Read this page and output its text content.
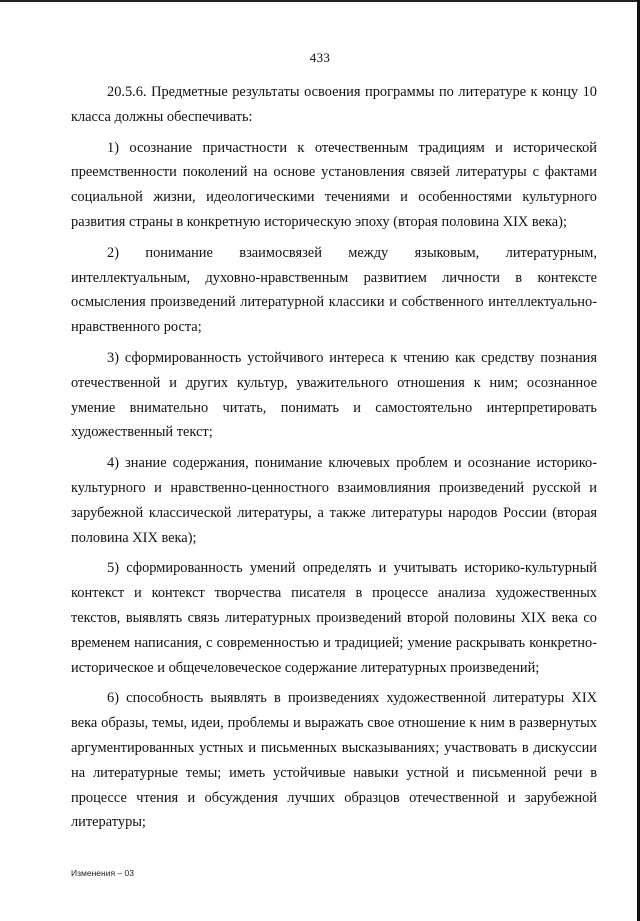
433

20.5.6. Предметные результаты освоения программы по литературе к концу 10 класса должны обеспечивать:

1) осознание причастности к отечественным традициям и исторической преемственности поколений на основе установления связей литературы с фактами социальной жизни, идеологическими течениями и особенностями культурного развития страны в конкретную историческую эпоху (вторая половина XIX века);

2) понимание взаимосвязей между языковым, литературным, интеллектуальным, духовно-нравственным развитием личности в контексте осмысления произведений литературной классики и собственного интеллектуально-нравственного роста;

3) сформированность устойчивого интереса к чтению как средству познания отечественной и других культур, уважительного отношения к ним; осознанное умение внимательно читать, понимать и самостоятельно интерпретировать художественный текст;

4) знание содержания, понимание ключевых проблем и осознание историко-культурного и нравственно-ценностного взаимовлияния произведений русской и зарубежной классической литературы, а также литературы народов России (вторая половина XIX века);

5) сформированность умений определять и учитывать историко-культурный контекст и контекст творчества писателя в процессе анализа художественных текстов, выявлять связь литературных произведений второй половины XIX века со временем написания, с современностью и традицией; умение раскрывать конкретно-историческое и общечеловеческое содержание литературных произведений;

6) способность выявлять в произведениях художественной литературы XIX века образы, темы, идеи, проблемы и выражать свое отношение к ним в развернутых аргументированных устных и письменных высказываниях; участвовать в дискуссии на литературные темы; иметь устойчивые навыки устной и письменной речи в процессе чтения и обсуждения лучших образцов отечественной и зарубежной литературы;

Изменения – 03
